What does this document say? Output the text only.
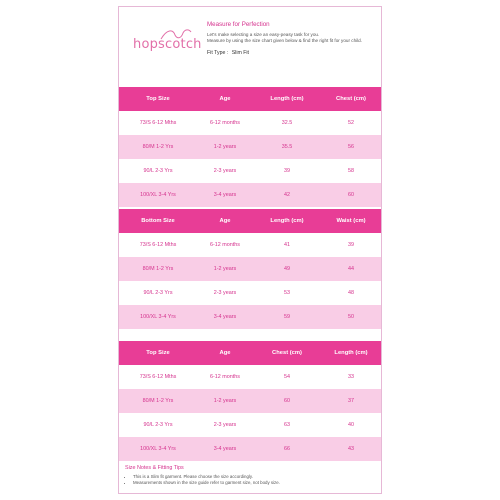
hopscotch

Measure for Perfection

Let's make selecting a size an easy-peasy task for you.
Measure by using the size chart given below & find the right fit for your child.

Fit Type : Slim Fit

Top Size	Age	Length (cm)	Chest (cm)
73/S 6-12 Mths	6-12 months	32.5	52
80/M 1-2 Yrs	1-2 years	35.5	56
90/L 2-3 Yrs	2-3 years	39	58
100/XL 3-4 Yrs	3-4 years	42	60
Bottom Size	Age	Length (cm)	Waist (cm)
73/S 6-12 Mths	6-12 months	41	39
80/M 1-2 Yrs	1-2 years	49	44
90/L 2-3 Yrs	2-3 years	53	48
100/XL 3-4 Yrs	3-4 years	59	50
Top Size	Age	Chest (cm)	Length (cm)
73/S 6-12 Mths	6-12 months	54	33
80/M 1-2 Yrs	1-2 years	60	37
90/L 2-3 Yrs	2-3 years	63	40
100/XL 3-4 Yrs	3-4 years	66	43

Size Notes & Fitting Tips

• This is a Slim fit garment. Please choose the size accordingly.
• Measurements shown in the size guide refer to garment size, not body size.
